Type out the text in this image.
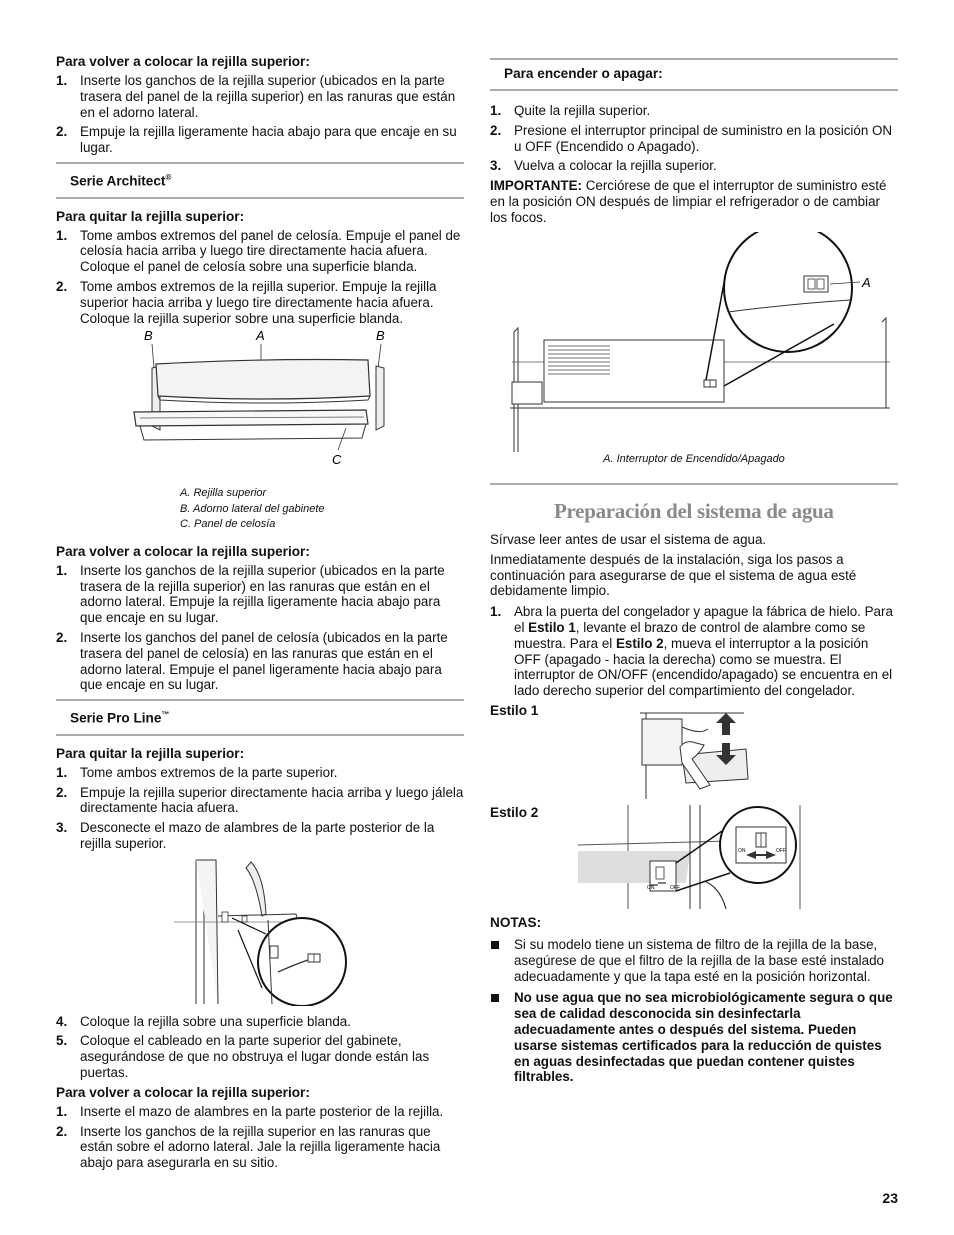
Para volver a colocar la rejilla superior:
1. Inserte los ganchos de la rejilla superior (ubicados en la parte trasera del panel de la rejilla superior) en las ranuras que están en el adorno lateral.
2. Empuje la rejilla ligeramente hacia abajo para que encaje en su lugar.
Serie Architect®
Para quitar la rejilla superior:
1. Tome ambos extremos del panel de celosía. Empuje el panel de celosía hacia arriba y luego tire directamente hacia afuera. Coloque el panel de celosía sobre una superficie blanda.
2. Tome ambos extremos de la rejilla superior. Empuje la rejilla superior hacia arriba y luego tire directamente hacia afuera. Coloque la rejilla superior sobre una superficie blanda.
B	A	B
C
A. Rejilla superior
B. Adorno lateral del gabinete
C. Panel de celosía
Para volver a colocar la rejilla superior:
1. Inserte los ganchos de la rejilla superior (ubicados en la parte trasera de la rejilla superior) en las ranuras que están en el adorno lateral. Empuje la rejilla ligeramente hacia abajo para que encaje en su lugar.
2. Inserte los ganchos del panel de celosía (ubicados en la parte trasera del panel de celosía) en las ranuras que están en el adorno lateral. Empuje el panel ligeramente hacia abajo para que encaje en su lugar.
Serie Pro Line™
Para quitar la rejilla superior:
1. Tome ambos extremos de la parte superior.
2. Empuje la rejilla superior directamente hacia arriba y luego jálela directamente hacia afuera.
3. Desconecte el mazo de alambres de la parte posterior de la rejilla superior.
4. Coloque la rejilla sobre una superficie blanda.
5. Coloque el cableado en la parte superior del gabinete, asegurándose de que no obstruya el lugar donde están las puertas.
Para volver a colocar la rejilla superior:
1. Inserte el mazo de alambres en la parte posterior de la rejilla.
2. Inserte los ganchos de la rejilla superior en las ranuras que están sobre el adorno lateral. Jale la rejilla ligeramente hacia abajo para asegurarla en su sitio.
Para encender o apagar:
1. Quite la rejilla superior.
2. Presione el interruptor principal de suministro en la posición ON u OFF (Encendido o Apagado).
3. Vuelva a colocar la rejilla superior.
IMPORTANTE: Cerciórese de que el interruptor de suministro esté en la posición ON después de limpiar el refrigerador o de cambiar los focos.
A
A. Interruptor de Encendido/Apagado
Preparación del sistema de agua
Sírvase leer antes de usar el sistema de agua.
Inmediatamente después de la instalación, siga los pasos a continuación para asegurarse de que el sistema de agua esté debidamente limpio.
1. Abra la puerta del congelador y apague la fábrica de hielo. Para el Estilo 1, levante el brazo de control de alambre como se muestra. Para el Estilo 2, mueva el interruptor a la posición OFF (apagado - hacia la derecha) como se muestra. El interruptor de ON/OFF (encendido/apagado) se encuentra en el lado derecho superior del compartimiento del congelador.
Estilo 1
Estilo 2
ON	OFF
ON	OFF
NOTAS:
Si su modelo tiene un sistema de filtro de la rejilla de la base, asegúrese de que el filtro de la rejilla de la base esté instalado adecuadamente y que la tapa esté en la posición horizontal.
No use agua que no sea microbiológicamente segura o que sea de calidad desconocida sin desinfectarla adecuadamente antes o después del sistema. Pueden usarse sistemas certificados para la reducción de quistes en aguas desinfectadas que puedan contener quistes filtrables.
23
